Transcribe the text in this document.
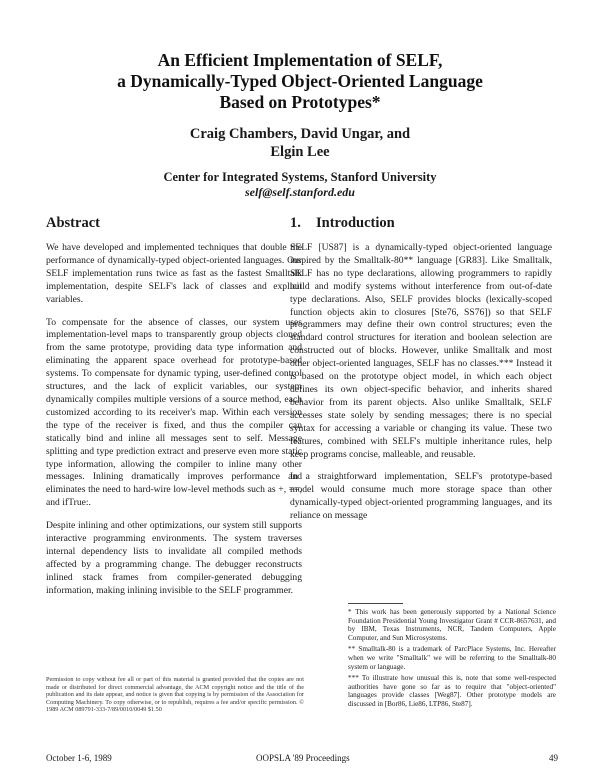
An Efficient Implementation of SELF,
a Dynamically-Typed Object-Oriented Language
Based on Prototypes*
Craig Chambers, David Ungar, and
Elgin Lee
Center for Integrated Systems, Stanford University
self@self.stanford.edu
Abstract

We have developed and implemented techniques that double the performance of dynamically-typed object-oriented languages. Our SELF implementation runs twice as fast as the fastest Smalltalk implementation, despite SELF's lack of classes and explicit variables.

To compensate for the absence of classes, our system uses implementation-level maps to transparently group objects cloned from the same prototype, providing data type information and eliminating the apparent space overhead for prototype-based systems. To compensate for dynamic typing, user-defined control structures, and the lack of explicit variables, our system dynamically compiles multiple versions of a source method, each customized according to its receiver's map. Within each version the type of the receiver is fixed, and thus the compiler can statically bind and inline all messages sent to self. Message splitting and type prediction extract and preserve even more static type information, allowing the compiler to inline many other messages. Inlining dramatically improves performance and eliminates the need to hard-wire low-level methods such as +, ==, and ifTrue:.

Despite inlining and other optimizations, our system still supports interactive programming environments. The system traverses internal dependency lists to invalidate all compiled methods affected by a programming change. The debugger reconstructs inlined stack frames from compiler-generated debugging information, making inlining invisible to the SELF programmer.

Permission to copy without fee all or part of this material is granted provided that the copies are not made or distributed for direct commercial advantage, the ACM copyright notice and the title of the publication and its date appear, and notice is given that copying is by permission of the Association for Computing Machinery. To copy otherwise, or to republish, requires a fee and/or specific permission. © 1989 ACM 089791-333-7/89/0010/0049 $1.50
1. Introduction

SELF [US87] is a dynamically-typed object-oriented language inspired by the Smalltalk-80** language [GR83]. Like Smalltalk, SELF has no type declarations, allowing programmers to rapidly build and modify systems without interference from out-of-date type declarations. Also, SELF provides blocks (lexically-scoped function objects akin to closures [Ste76, SS76]) so that SELF programmers may define their own control structures; even the standard control structures for iteration and boolean selection are constructed out of blocks. However, unlike Smalltalk and most other object-oriented languages, SELF has no classes.*** Instead it is based on the prototype object model, in which each object defines its own object-specific behavior, and inherits shared behavior from its parent objects. Also unlike Smalltalk, SELF accesses state solely by sending messages; there is no special syntax for accessing a variable or changing its value. These two features, combined with SELF's multiple inheritance rules, help keep programs concise, malleable, and reusable.

In a straightforward implementation, SELF's prototype-based model would consume much more storage space than other dynamically-typed object-oriented programming languages, and its reliance on message

* This work has been generously supported by a National Science Foundation Presidential Young Investigator Grant # CCR-8657631, and by IBM, Texas Instruments, NCR, Tandem Computers, Apple Computer, and Sun Microsystems.
** Smalltalk-80 is a trademark of ParcPlace Systems, Inc. Hereafter when we write "Smalltalk" we will be referring to the Smalltalk-80 system or language.
*** To illustrate how unusual this is, note that some well-respected authorities have gone so far as to require that "object-oriented" languages provide classes [Weg87]. Other prototype models are discussed in [Bor86, Lie86, LTP86, Ste87].
October 1-6, 1989	OOPSLA '89 Proceedings	49
